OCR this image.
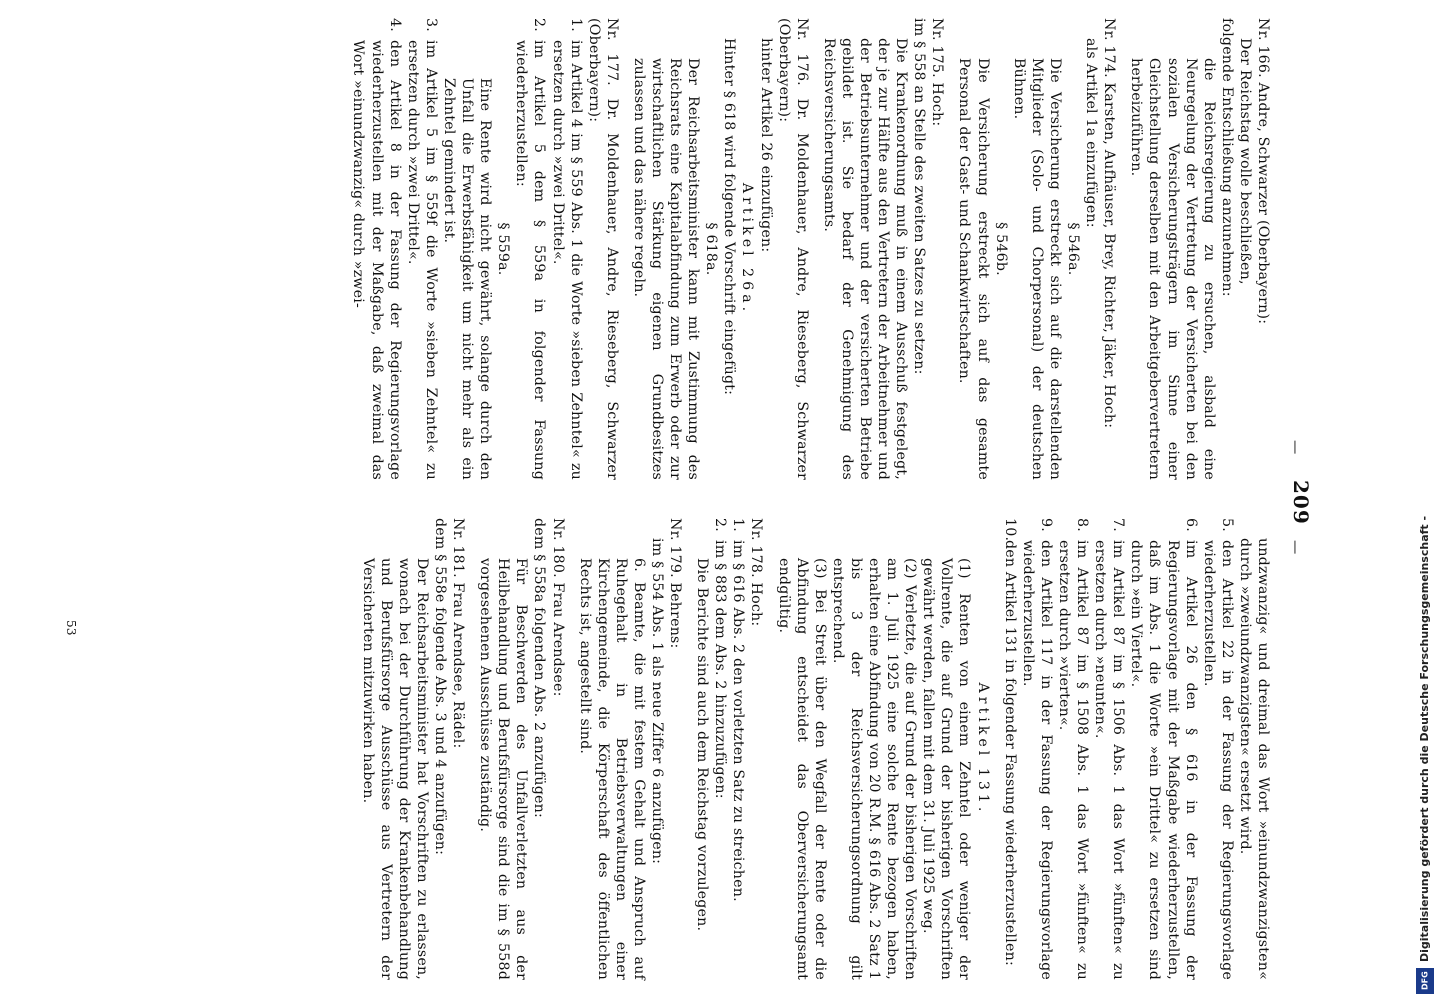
—
209
—

Nr. 166. Andre, Schwarzer (Oberbayern):

Der Reichstag wolle beschließen,

folgende Entschließung anzunehmen:

die Reichsregierung zu ersuchen, alsbald eine Neuregelung der Vertretung der Versicherten bei den sozialen Versicherungsträgern im Sinne einer Gleichstellung derselben mit den Arbeitgebervertretern herbeizuführen.

Nr. 174. Karsten, Aufhäuser, Brey, Richter, Jäker, Hoch:

als Artikel 1a einzufügen:

§ 546a.

Die Versicherung erstreckt sich auf die darstellenden Mitglieder (Solo- und Chorpersonal) der deutschen Bühnen.

§ 546b.

Die Versicherung erstreckt sich auf das gesamte Personal der Gast- und Schankwirtschaften.

Nr. 175. Hoch:

im § 558 an Stelle des zweiten Satzes zu setzen:

Die Krankenordnung muß in einem Ausschuß festgelegt, der je zur Hälfte aus den Vertretern der Arbeitnehmer und der Betriebsunternehmer und der versicherten Betriebe gebildet ist. Sie bedarf der Genehmigung des Reichsversicherungsamts.

Nr. 176. Dr. Moldenhauer, Andre, Rieseberg, Schwarzer (Oberbayern):

hinter Artikel 26 einzufügen:

Artikel 26a.

Hinter § 618 wird folgende Vorschrift eingefügt:

§ 618a.

Der Reichsarbeitsminister kann mit Zustimmung des Reichsrats eine Kapitalabfindung zum Erwerb oder zur wirtschaftlichen Stärkung eigenen Grundbesitzes zulassen und das nähere regeln.

Nr. 177. Dr. Moldenhauer, Andre, Rieseberg, Schwarzer (Oberbayern):

1.
im Artikel 4 im § 559 Abs. 1 die Worte »sieben Zehntel« zu ersetzen durch »zwei Drittel«.
2.
im Artikel 5 dem § 559a in folgender Fassung wiederherzustellen:

§ 559a.

Eine Rente wird nicht gewährt, solange durch den Unfall die Erwerbsfähigkeit um nicht mehr als ein Zehntel gemindert ist.

3.
im Artikel 5 im § 559f die Worte »sieben Zehntel« zu ersetzen durch »zwei Drittel«.
4.
den Artikel 8 in der Fassung der Regierungsvorlage wiederherzustellen mit der Maßgabe, daß zweimal das Wort »einundzwanzig« durch »zwei-

undzwanzig« und dreimal das Wort »einundzwanzigsten« durch »zweiundzwanzigsten« ersetzt wird.

5.
den Artikel 22 in der Fassung der Regierungsvorlage wiederherzustellen.
6.
im Artikel 26 den § 616 in der Fassung der Regierungsvorlage mit der Maßgabe wiederherzustellen, daß im Abs. 1 die Worte »ein Drittel« zu ersetzen sind durch »ein Viertel«.
7.
im Artikel 87 im § 1506 Abs. 1 das Wort »fünften« zu ersetzen durch »neunten«.
8.
im Artikel 87 im § 1508 Abs. 1 das Wort »fünften« zu ersetzen durch »vierten«.
9.
den Artikel 117 in der Fassung der Regierungsvorlage wiederherzustellen.
10.
den Artikel 131 in folgender Fassung wiederherzustellen:

Artikel 131.

(1) Renten von einem Zehntel oder weniger der Vollrente, die auf Grund der bisherigen Vorschriften gewährt werden, fallen mit dem 31. Juli 1925 weg.

(2) Verletzte, die auf Grund der bisherigen Vorschriften am 1. Juli 1925 eine solche Rente bezogen haben, erhalten eine Abfindung von 20 R.M. § 616 Abs. 2 Satz 1 bis 3 der Reichsversicherungsordnung gilt entsprechend.

(3) Bei Streit über den Wegfall der Rente oder die Abfindung entscheidet das Oberversicherungsamt endgültig.

Nr. 178. Hoch:

1.
im § 616 Abs. 2 den vorletzten Satz zu streichen.
2.
im § 883 dem Abs. 2 hinzuzufügen:

Die Berichte sind auch dem Reichstag vorzulegen.

Nr. 179. Behrens:

im § 554 Abs. 1 als neue Ziffer 6 anzufügen:

6. Beamte, die mit festem Gehalt und Anspruch auf Ruhegehalt in Betriebsverwaltungen einer Kirchengemeinde, die Körperschaft des öffentlichen Rechts ist, angestellt sind.

Nr. 180. Frau Arendsee:

dem § 558a folgenden Abs. 2 anzufügen:

Für Beschwerden des Unfallverletzten aus der Heilbehandlung und Berufsfürsorge sind die im § 558d vorgesehenen Ausschüsse zuständig.

Nr. 181. Frau Arendsee, Rädel:

dem § 558e folgende Abs. 3 und 4 anzufügen:

Der Reichsarbeitsminister hat Vorschriften zu erlassen, wonach bei der Durchführung der Krankenbehandlung und Berufsfürsorge Ausschüsse aus Vertretern der Versicherten mitzuwirken haben.

53	Digitalisierung gefördert durch die Deutsche Forschungsgemeinschaft -
DFG
